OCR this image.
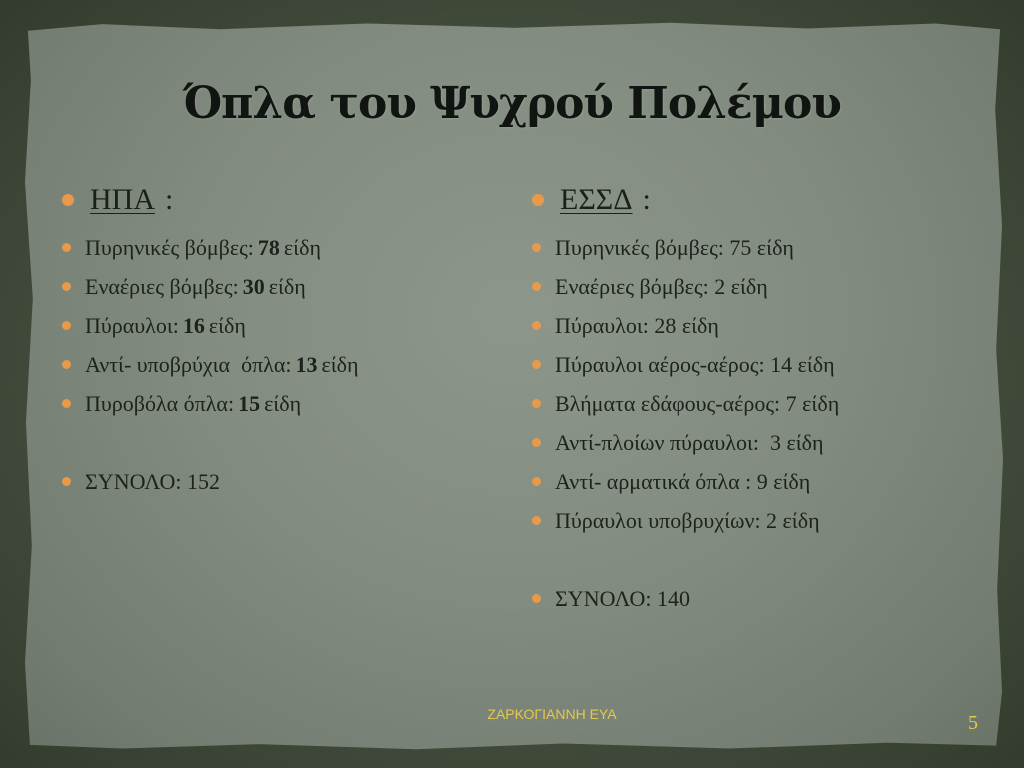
Όπλα του Ψυχρού Πολέμου
ΗΠΑ :
Πυρηνικές βόμβες: 78 είδη
Εναέριες βόμβες: 30 είδη
Πύραυλοι: 16 είδη
Αντί- υποβρύχια  όπλα: 13 είδη
Πυροβόλα όπλα: 15 είδη
ΣΥΝΟΛΟ: 152
ΕΣΣΔ :
Πυρηνικές βόμβες: 75 είδη
Εναέριες βόμβες: 2 είδη
Πύραυλοι: 28 είδη
Πύραυλοι αέρος-αέρος: 14 είδη
Βλήματα εδάφους-αέρος: 7 είδη
Αντί-πλοίων πύραυλοι:  3 είδη
Αντί- αρματικά όπλα : 9 είδη
Πύραυλοι υποβρυχίων: 2 είδη
ΣΥΝΟΛΟ: 140
ΖΑΡΚΟΓΙΑΝΝΗ ΕΥΑ	5
